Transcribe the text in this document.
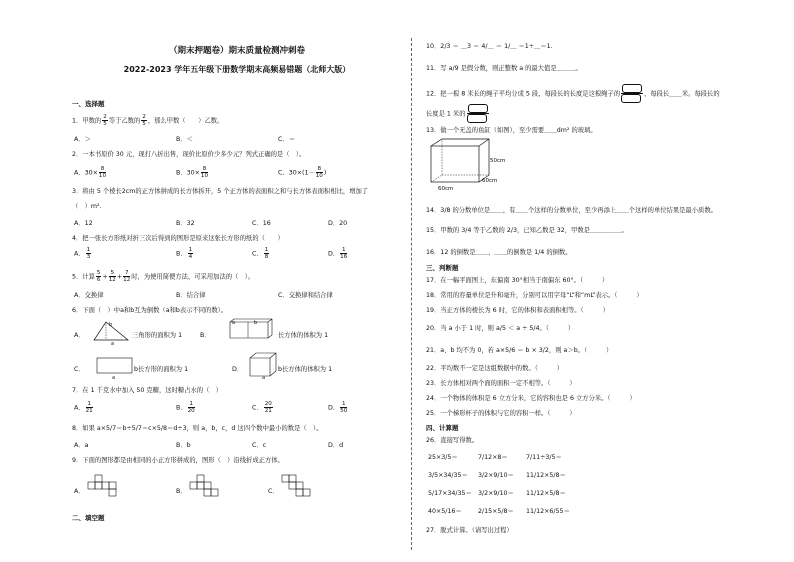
（期末押题卷）期末质量检测冲刺卷
2022-2023 学年五年级下册数学期末高频易错题（北师大版）
一、选择题
1．甲数的 $\frac{2}{5}$ 等于乙数的 $\frac{2}{5}$ ，那么甲数（　　）乙数。
A．＞	B．＜	C．＝
2．一本书原价 30 元，现打八折出售，现价比原价少多少元？列式正确的是（　）。
A．$30\times \frac{8}{10}$	B．$30\times \frac{8}{10}$	C．$30\times(1- \frac{8}{10}$ )
3．将由 5 个棱长2cm的正方体拼成的长方体拆开，5 个正方体的表面积之和与长方体表面积相比，增加了
（　）m².
A．12	B．32	C．16	D．20
4．把一张长方形纸对折三次后得到的图形是原来这张长方形的纸的（　　）
A． $\frac{1}{3}$	B． $\frac{1}{4}$	C． $\frac{1}{8}$	D． $\frac{1}{16}$
5．计算 $\frac{5}{6} + \frac{5}{12} + \frac{7}{12}$ 时，为使用简便方法，可采用加法的（　）。
A．交换律	B．结合律	C．交换律和结合律
6．下面（　）中a和b互为倒数（a和b表示不同的数）。
A．
b
a
三角形的面积为 1	B．
a	b
长方体的体积为 1
C．
a
b长方形的面积为 1	D．
a
b长方体的体积为 1
7．在 1 千克水中加入 50 克糖，这时糖占水的（　）
A． $\frac{1}{21}$	B． $\frac{1}{20}$	C． $\frac{20}{21}$	D． $\frac{1}{50}$
8．如果 a×5/7＝b÷5/7＝c×5/8＝d÷3，则 a，b，c，d 这四个数中最小的数是（　）。
A．a	B．b	C．c	D．d
9．下面的图形都是由相同的小正方形拼成的，图形（　）沿线折成正方体。
A．	B．	C．
二、填空题
10．2/3 ＝ ＿3 ＝ 4/＿ ＝ 1/＿ ＝1÷＿＝1.
11．写 a/9 是假分数，则正整数 a 的最大值是＿＿＿。
12．把一根 8 米长的绳子平均分成 5 段，每段长的长度是这根绳子的	，每段长＿＿米。每段长的
长度是 1 米的
13．做一个无盖的鱼缸（如图），至少需要＿＿dm² 的玻璃。
50cm
60cm
60cm
14．3/8 的分数单位是＿＿，有＿＿个这样的分数单位，至少再添上＿＿个这样的单位结果是最小质数。
15．甲数的 3/4 等于乙数的 2/3，已知乙数是 32，甲数是＿＿＿＿＿。
16．12 的倒数是＿＿，＿＿的倒数是 1/4 的倒数。
三、判断题
17．在一幅平面图上，东偏南 30°相当于南偏东 60°。（　　　）
18．常用的容量单位是升和毫升，分别可以用字母“L”和“mL”表示。（　　　）
19．当正方体的棱长为 6 时，它的体积和表面积相等。（　　　）
20．当 a 小于 1 时，则 a/5 ＜ a ÷ 5/4。（　　　）
21．a、b 均不为 0，若 a×5/6 ＝ b × 3/2，则 a＞b。（　　　）
22．平均数不一定是这组数据中的数。（　　　）
23．长方体相对两个面的面积一定不相等。（　　　）
24．一个物体的体积是 6 立方分米，它的容积也是 6 立方分米。（　　　）
25．一个梯形杯子的体积与它的容积一样。（　　　）
四、计算题
26．直接写得数。
25×3/5＝	7/12×8＝	7/11÷3/5＝
3/5×34/35＝ 3/2×9/10＝ 11/12×5/8＝
5/17×34/35＝ 3/2×9/10＝ 11/12×5/8＝
40×5/16＝	2/15×5/8＝ 11/12×6/55＝
27．脱式计算。（请写出过程）
